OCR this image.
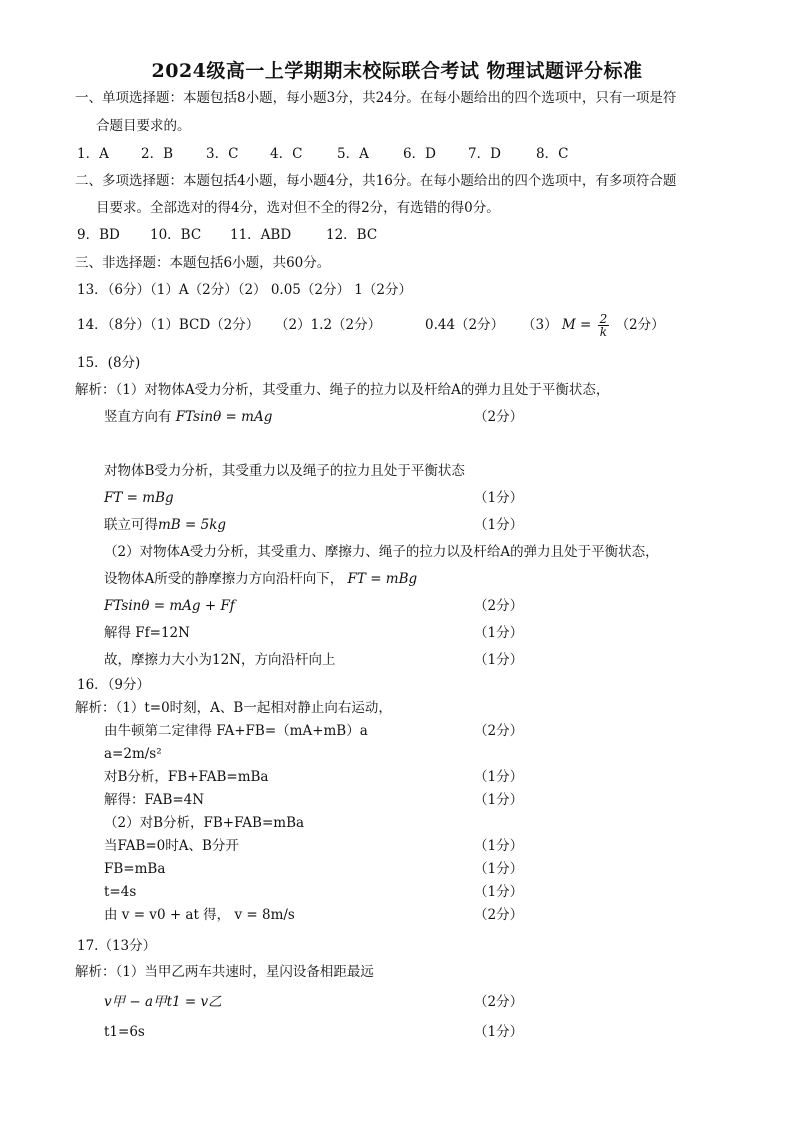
2024级高一上学期期末校际联合考试 物理试题评分标准
一、单项选择题：本题包括8小题，每小题3分，共24分。在每小题给出的四个选项中，只有一项是符
合题目要求的。
1．A 2．B 3．C 4．C	5．A	6．D 7．D	8．C
二、多项选择题：本题包括4小题，每小题4分，共16分。在每小题给出的四个选项中，有多项符合题
目要求。全部选对的得4分，选对但不全的得2分，有选错的得0分。
9．BD 10．BC 11．ABD	12．BC
三、非选择题：本题包括6小题，共60分。
13．（6分）（1）A（2分）（2） 0.05（2分） 1（2分）
14．（8分）（1）BCD（2分） （2）1.2（2分）	0.44（2分） （3） $M = \frac{2}{k} (2$分）
15．(8分)
解析：（1）对物体A受力分析，其受重力、绳子的拉力以及杆给A的弹力且处于平衡状态，
竖直方向有 FTsinθ = mAg	（2分）
对物体B受力分析，其受重力以及绳子的拉力且处于平衡状态
FT = mBg	（1分）
联立可得mB = 5kg	（1分）
（2）对物体A受力分析，其受重力、摩擦力、绳子的拉力以及杆给A的弹力且处于平衡状态，
设物体A所受的静摩擦力方向沿杆向下， FT = mBg
FTsinθ = mAg + Ff	（2分）
解得 Ff=12N	（1分）
故，摩擦力大小为12N，方向沿杆向上	（1分）
16．（9分）
解析：（1）t=0时刻，A、B一起相对静止向右运动，
由牛顿第二定律得 FA+FB=（mA+mB）a	（2分）
a=2m/s²
对B分析，FB+FAB=mBa	（1分）
解得：FAB=4N	（1分）
（2）对B分析，FB+FAB=mBa
当FAB=0时A、B分开	（1分）
FB=mBa	（1分）
t=4s	（1分）
由 v = v0 + at 得， v = 8m/s	（2分）
17.（13分）
解析：（1）当甲乙两车共速时，星闪设备相距最远
v甲 − a甲t1 = v乙	（2分）
t1=6s	（1分）
